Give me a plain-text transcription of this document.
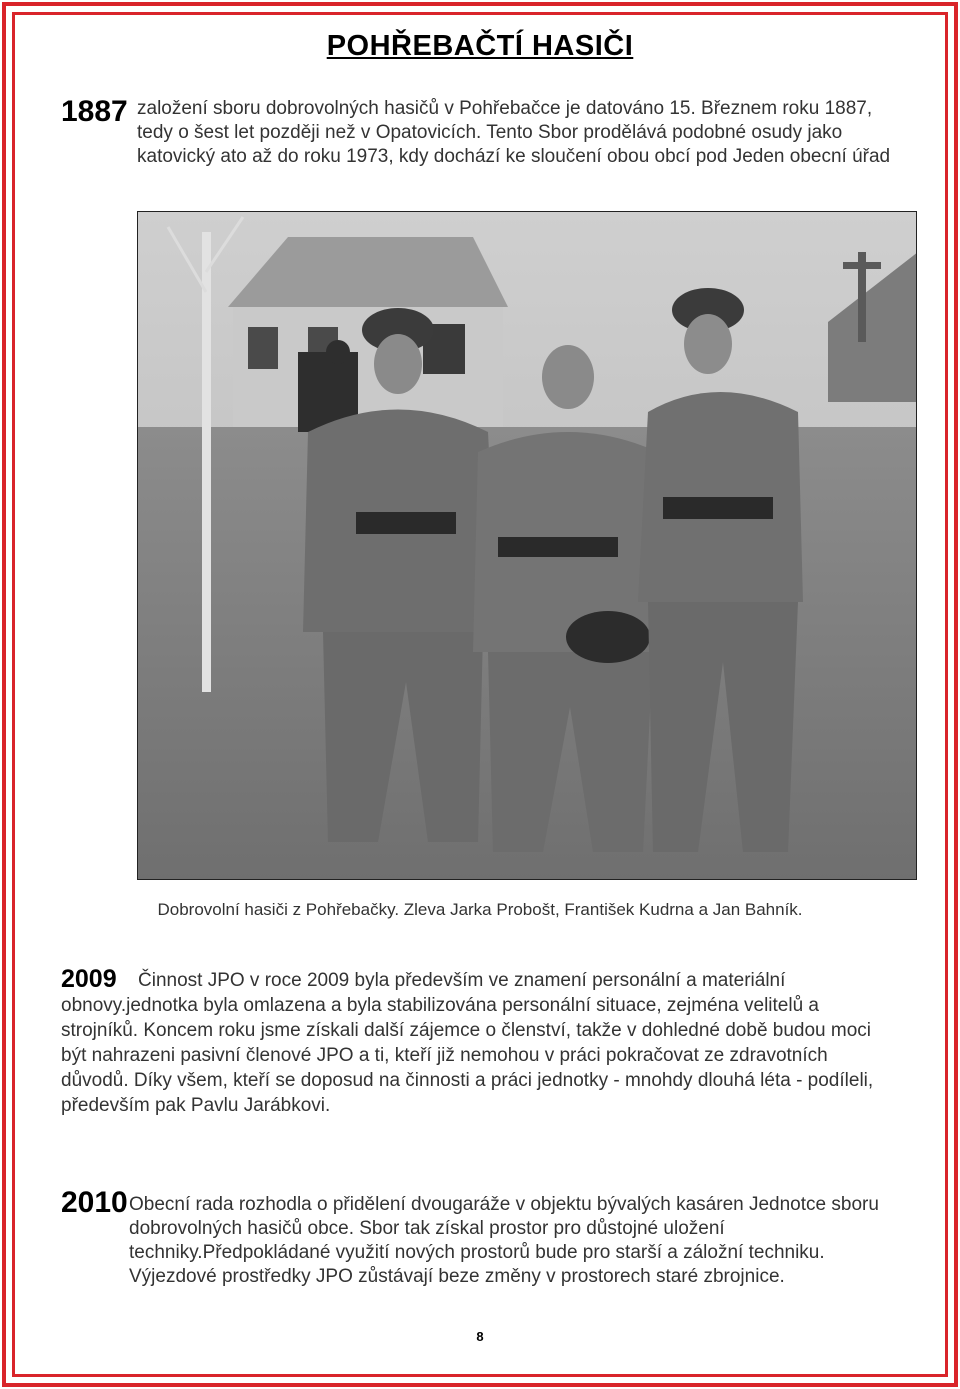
POHŘEBAČTÍ HASIČI
1887 založení sboru dobrovolných hasičů v Pohřebačce je datováno 15. Březnem roku 1887, tedy o šest let později než v Opatovicích. Tento Sbor prodělává podobné osudy jako katovický ato až do roku 1973, kdy dochází ke sloučení obou obcí pod Jeden obecní úřad
Dobrovolní hasiči z Pohřebačky. Zleva Jarka Probošt, František Kudrna a Jan Bahník.
2009	Činnost JPO v roce 2009 byla především ve znamení personální a materiální obnovy.jednotka byla omlazena a byla stabilizována personální situace, zejména velitelů a strojníků. Koncem roku jsme získali další zájemce o členství, takže v dohledné době budou moci být nahrazeni pasivní členové JPO a ti, kteří již nemohou v práci pokračovat ze zdravotních důvodů. Díky všem, kteří se doposud na činnosti a práci jednotky - mnohdy dlouhá léta - podíleli, především pak Pavlu Jarábkovi.
2010 Obecní rada rozhodla o přidělení dvougaráže v objektu bývalých kasáren Jednotce sboru dobrovolných hasičů obce. Sbor tak získal prostor pro důstojné uložení techniky.Předpokládané využití nových prostorů bude pro starší a záložní techniku. Výjezdové prostředky JPO zůstávají beze změny v prostorech staré zbrojnice.
8
